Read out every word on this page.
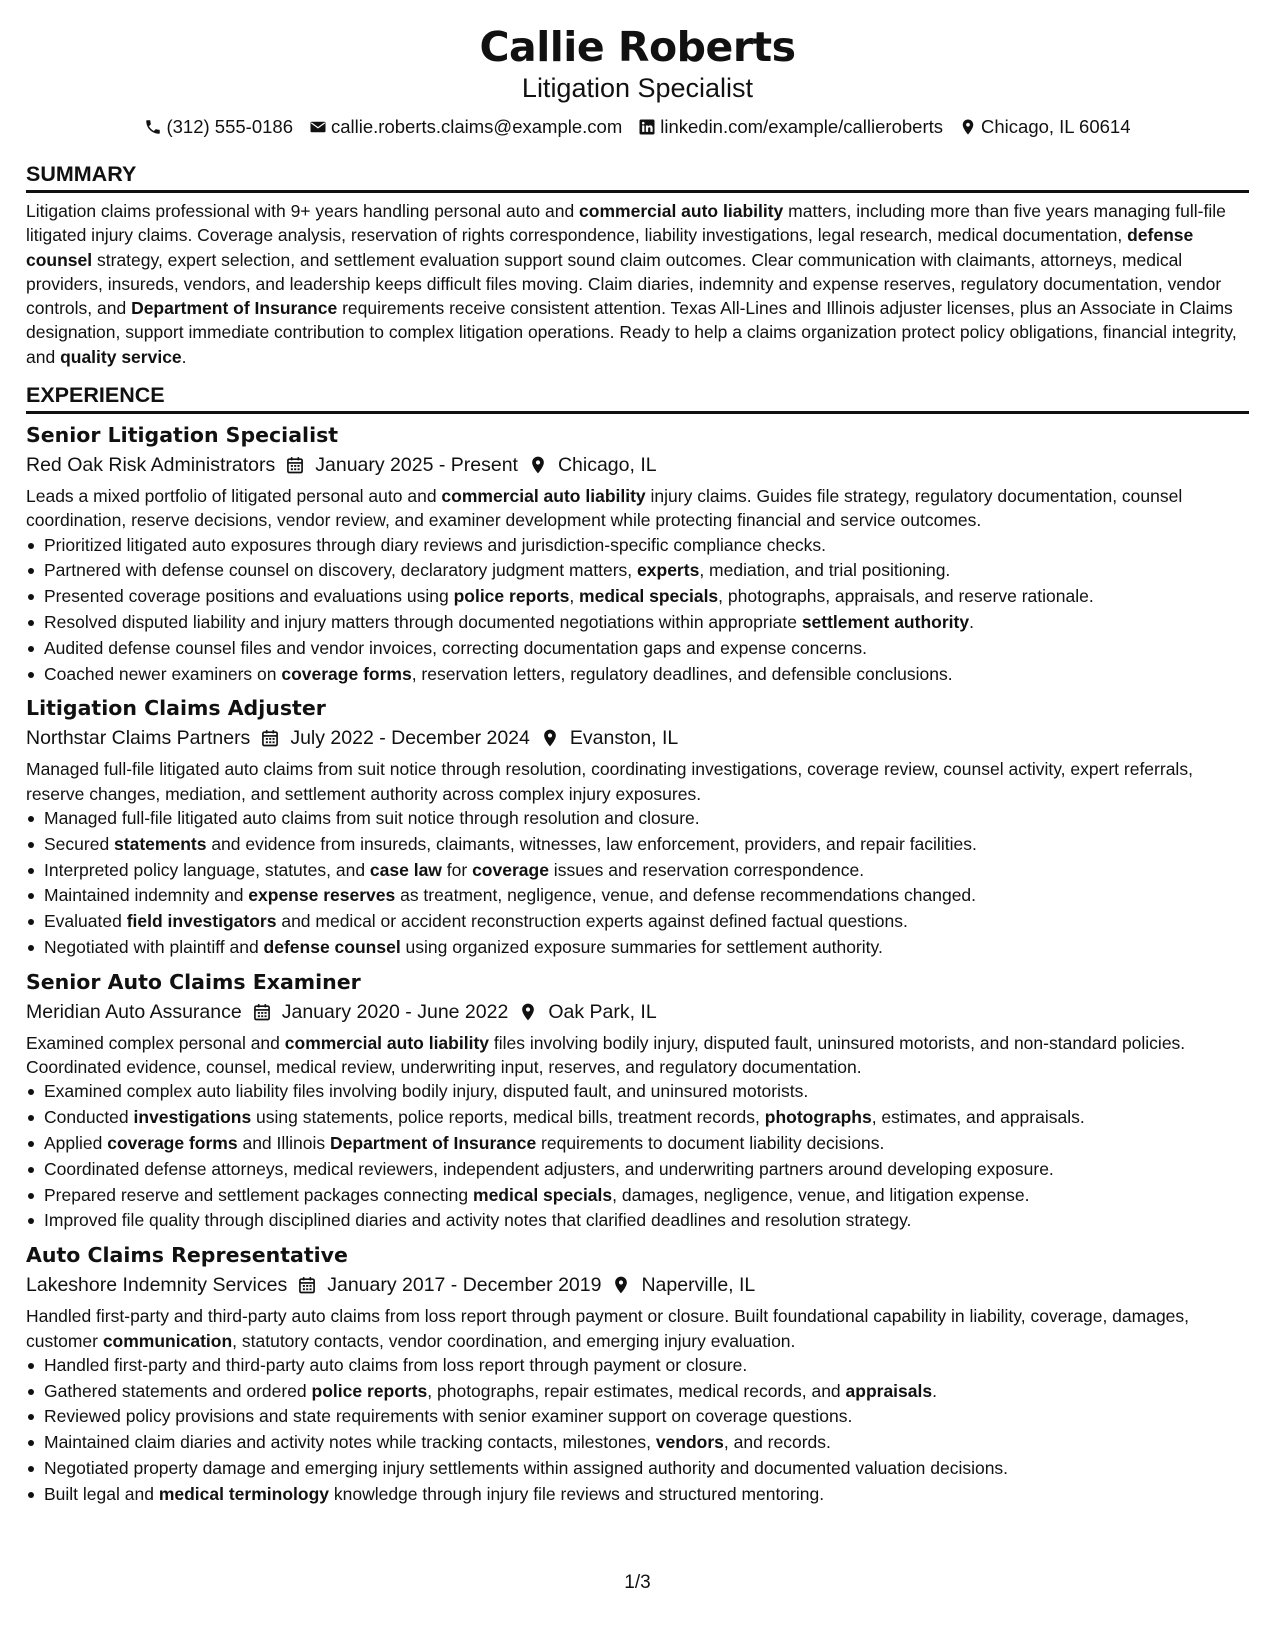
Callie Roberts
Litigation Specialist
(312) 555-0186 callie.roberts.claims@example.com linkedin.com/example/callieroberts Chicago, IL 60614
SUMMARY
Litigation claims professional with 9+ years handling personal auto and commercial auto liability matters, including more than five years managing full-file litigated injury claims. Coverage analysis, reservation of rights correspondence, liability investigations, legal research, medical documentation, defense counsel strategy, expert selection, and settlement evaluation support sound claim outcomes. Clear communication with claimants, attorneys, medical providers, insureds, vendors, and leadership keeps difficult files moving. Claim diaries, indemnity and expense reserves, regulatory documentation, vendor controls, and Department of Insurance requirements receive consistent attention. Texas All-Lines and Illinois adjuster licenses, plus an Associate in Claims designation, support immediate contribution to complex litigation operations. Ready to help a claims organization protect policy obligations, financial integrity, and quality service.
EXPERIENCE
Senior Litigation Specialist
Red Oak Risk Administrators January 2025 - Present Chicago, IL
Leads a mixed portfolio of litigated personal auto and commercial auto liability injury claims. Guides file strategy, regulatory documentation, counsel coordination, reserve decisions, vendor review, and examiner development while protecting financial and service outcomes.
Prioritized litigated auto exposures through diary reviews and jurisdiction-specific compliance checks.
Partnered with defense counsel on discovery, declaratory judgment matters, experts, mediation, and trial positioning.
Presented coverage positions and evaluations using police reports, medical specials, photographs, appraisals, and reserve rationale.
Resolved disputed liability and injury matters through documented negotiations within appropriate settlement authority.
Audited defense counsel files and vendor invoices, correcting documentation gaps and expense concerns.
Coached newer examiners on coverage forms, reservation letters, regulatory deadlines, and defensible conclusions.
Litigation Claims Adjuster
Northstar Claims Partners July 2022 - December 2024 Evanston, IL
Managed full-file litigated auto claims from suit notice through resolution, coordinating investigations, coverage review, counsel activity, expert referrals, reserve changes, mediation, and settlement authority across complex injury exposures.
Managed full-file litigated auto claims from suit notice through resolution and closure.
Secured statements and evidence from insureds, claimants, witnesses, law enforcement, providers, and repair facilities.
Interpreted policy language, statutes, and case law for coverage issues and reservation correspondence.
Maintained indemnity and expense reserves as treatment, negligence, venue, and defense recommendations changed.
Evaluated field investigators and medical or accident reconstruction experts against defined factual questions.
Negotiated with plaintiff and defense counsel using organized exposure summaries for settlement authority.
Senior Auto Claims Examiner
Meridian Auto Assurance January 2020 - June 2022 Oak Park, IL
Examined complex personal and commercial auto liability files involving bodily injury, disputed fault, uninsured motorists, and non-standard policies. Coordinated evidence, counsel, medical review, underwriting input, reserves, and regulatory documentation.
Examined complex auto liability files involving bodily injury, disputed fault, and uninsured motorists.
Conducted investigations using statements, police reports, medical bills, treatment records, photographs, estimates, and appraisals.
Applied coverage forms and Illinois Department of Insurance requirements to document liability decisions.
Coordinated defense attorneys, medical reviewers, independent adjusters, and underwriting partners around developing exposure.
Prepared reserve and settlement packages connecting medical specials, damages, negligence, venue, and litigation expense.
Improved file quality through disciplined diaries and activity notes that clarified deadlines and resolution strategy.
Auto Claims Representative
Lakeshore Indemnity Services January 2017 - December 2019 Naperville, IL
Handled first-party and third-party auto claims from loss report through payment or closure. Built foundational capability in liability, coverage, damages, customer communication, statutory contacts, vendor coordination, and emerging injury evaluation.
Handled first-party and third-party auto claims from loss report through payment or closure.
Gathered statements and ordered police reports, photographs, repair estimates, medical records, and appraisals.
Reviewed policy provisions and state requirements with senior examiner support on coverage questions.
Maintained claim diaries and activity notes while tracking contacts, milestones, vendors, and records.
Negotiated property damage and emerging injury settlements within assigned authority and documented valuation decisions.
Built legal and medical terminology knowledge through injury file reviews and structured mentoring.
1/3
